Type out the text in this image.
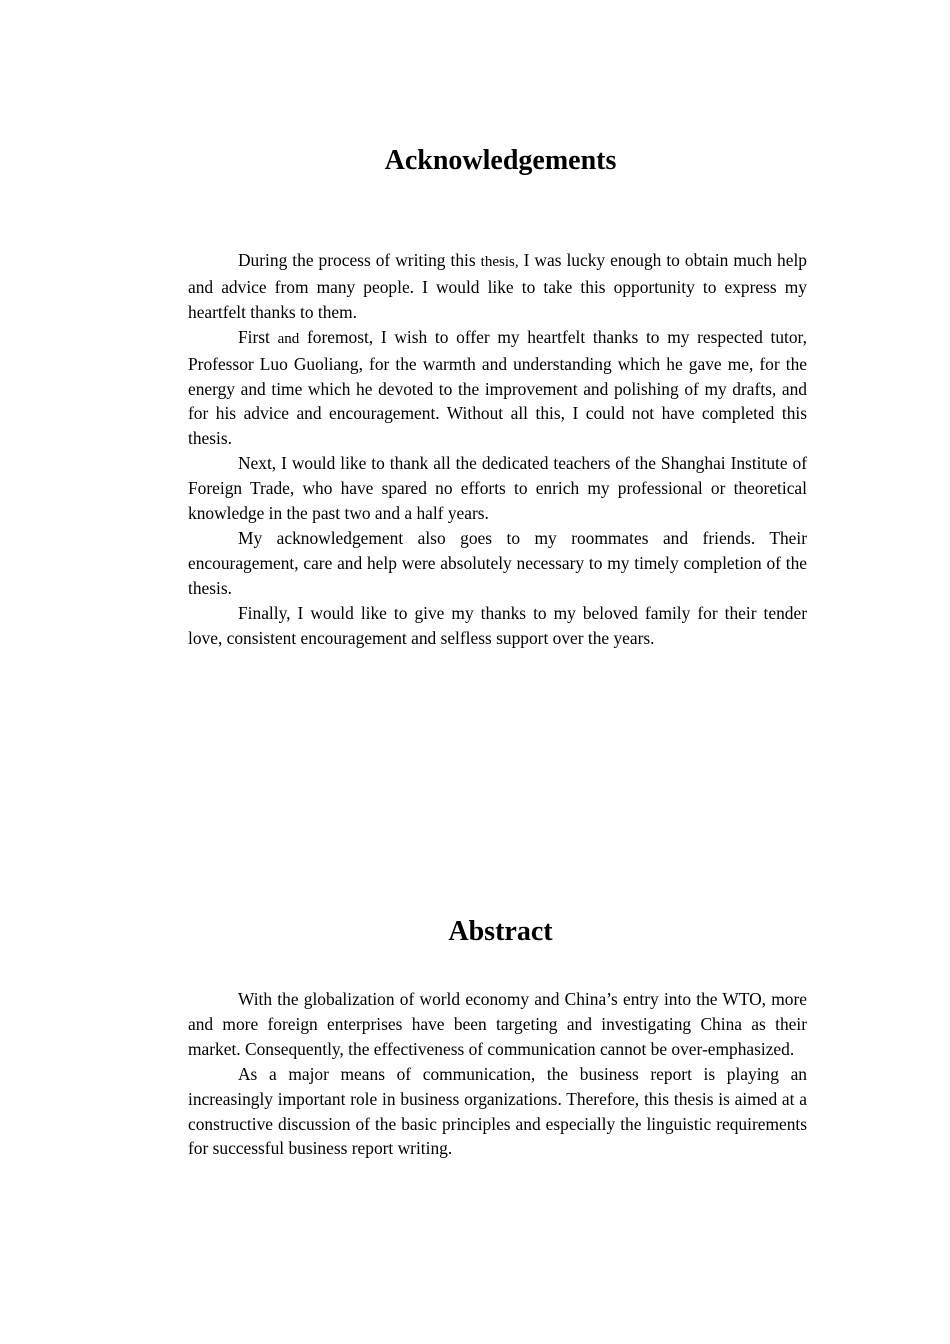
Acknowledgements

During the process of writing this thesis, I was lucky enough to obtain much help and advice from many people. I would like to take this opportunity to express my heartfelt thanks to them.

First and foremost, I wish to offer my heartfelt thanks to my respected tutor, Professor Luo Guoliang, for the warmth and understanding which he gave me, for the energy and time which he devoted to the improvement and polishing of my drafts, and for his advice and encouragement. Without all this, I could not have completed this thesis.

Next, I would like to thank all the dedicated teachers of the Shanghai Institute of Foreign Trade, who have spared no efforts to enrich my professional or theoretical knowledge in the past two and a half years.

My acknowledgement also goes to my roommates and friends. Their encouragement, care and help were absolutely necessary to my timely completion of the thesis.

Finally, I would like to give my thanks to my beloved family for their tender love, consistent encouragement and selfless support over the years.

Abstract

With the globalization of world economy and China’s entry into the WTO, more and more foreign enterprises have been targeting and investigating China as their market. Consequently, the effectiveness of communication cannot be over-emphasized.

As a major means of communication, the business report is playing an increasingly important role in business organizations. Therefore, this thesis is aimed at a constructive discussion of the basic principles and especially the linguistic requirements for successful business report writing.
